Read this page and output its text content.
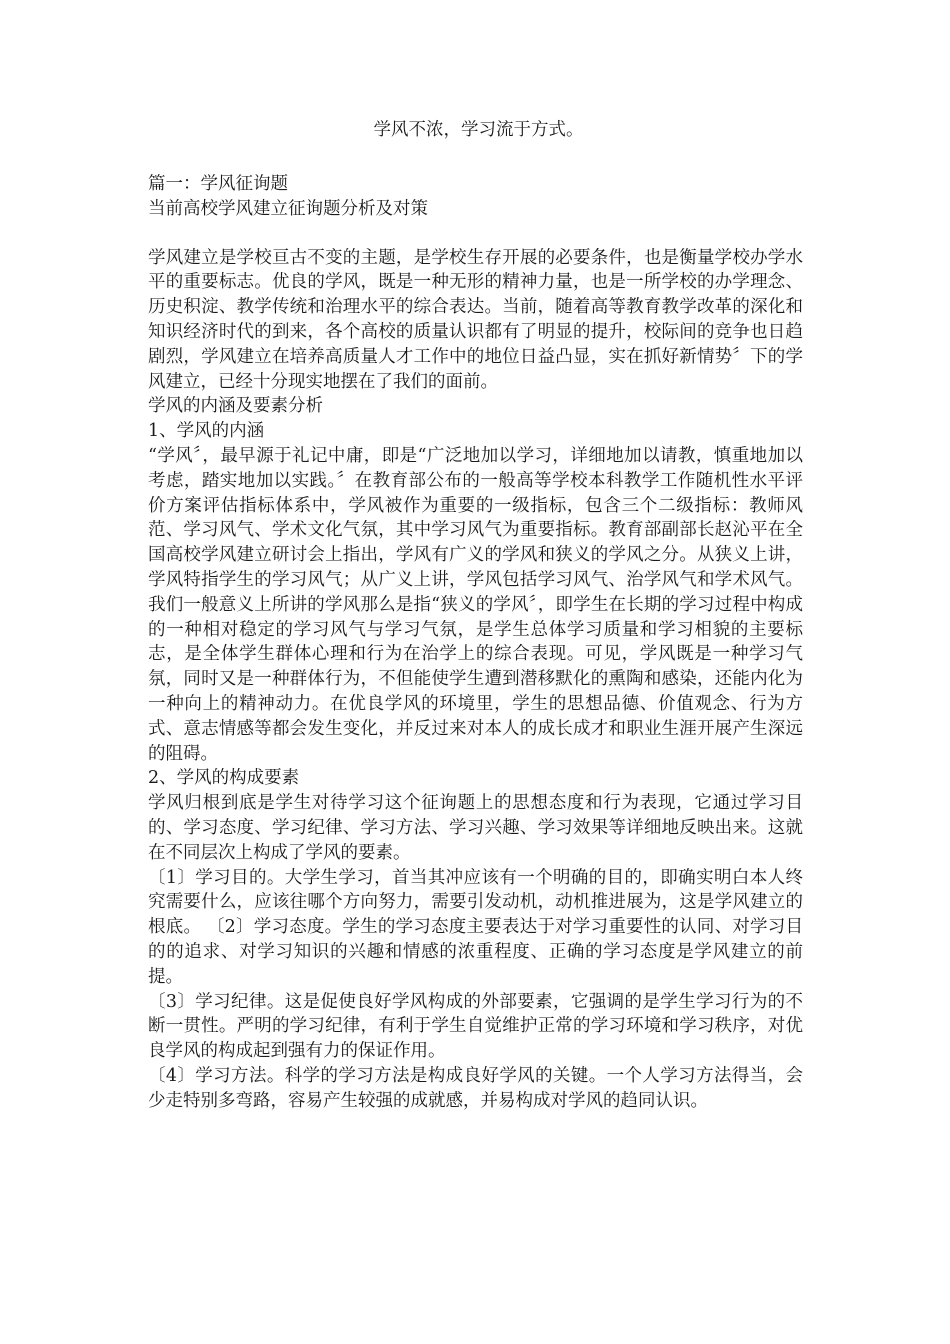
学风不浓，学习流于方式。

篇一：学风征询题

当前高校学风建立征询题分析及对策

学风建立是学校亘古不变的主题，是学校生存开展的必要条件，也是衡量学校办学水平的重要标志。优良的学风，既是一种无形的精神力量，也是一所学校的办学理念、历史积淀、教学传统和治理水平的综合表达。当前，随着高等教育教学改革的深化和知识经济时代的到来，各个高校的质量认识都有了明显的提升，校际间的竞争也日趋剧烈，学风建立在培养高质量人才工作中的地位日益凸显，实在抓好新情势〞下的学风建立，已经十分现实地摆在了我们的面前。

学风的内涵及要素分析

1、学风的内涵

“学风〞，最早源于礼记中庸，即是“广泛地加以学习，详细地加以请教，慎重地加以考虑，踏实地加以实践。〞在教育部公布的一般高等学校本科教学工作随机性水平评价方案评估指标体系中，学风被作为重要的一级指标，包含三个二级指标：教师风范、学习风气、学术文化气氛，其中学习风气为重要指标。教育部副部长赵沁平在全国高校学风建立研讨会上指出，学风有广义的学风和狭义的学风之分。从狭义上讲，学风特指学生的学习风气；从广义上讲，学风包括学习风气、治学风气和学术风气。我们一般意义上所讲的学风那么是指“狭义的学风〞，即学生在长期的学习过程中构成的一种相对稳定的学习风气与学习气氛，是学生总体学习质量和学习相貌的主要标志，是全体学生群体心理和行为在治学上的综合表现。可见，学风既是一种学习气氛，同时又是一种群体行为，不但能使学生遭到潜移默化的熏陶和感染，还能内化为一种向上的精神动力。在优良学风的环境里，学生的思想品德、价值观念、行为方式、意志情感等都会发生变化，并反过来对本人的成长成才和职业生涯开展产生深远的阻碍。

2、学风的构成要素

学风归根到底是学生对待学习这个征询题上的思想态度和行为表现，它通过学习目的、学习态度、学习纪律、学习方法、学习兴趣、学习效果等详细地反映出来。这就在不同层次上构成了学风的要素。

〔1〕学习目的。大学生学习，首当其冲应该有一个明确的目的，即确实明白本人终究需要什么，应该往哪个方向努力，需要引发动机，动机推进展为，这是学风建立的根底。 〔2〕学习态度。学生的学习态度主要表达于对学习重要性的认同、对学习目的的追求、对学习知识的兴趣和情感的浓重程度、正确的学习态度是学风建立的前提。

〔3〕学习纪律。这是促使良好学风构成的外部要素，它强调的是学生学习行为的不断一贯性。严明的学习纪律，有利于学生自觉维护正常的学习环境和学习秩序，对优良学风的构成起到强有力的保证作用。

〔4〕学习方法。科学的学习方法是构成良好学风的关键。一个人学习方法得当，会少走特别多弯路，容易产生较强的成就感，并易构成对学风的趋同认识。
